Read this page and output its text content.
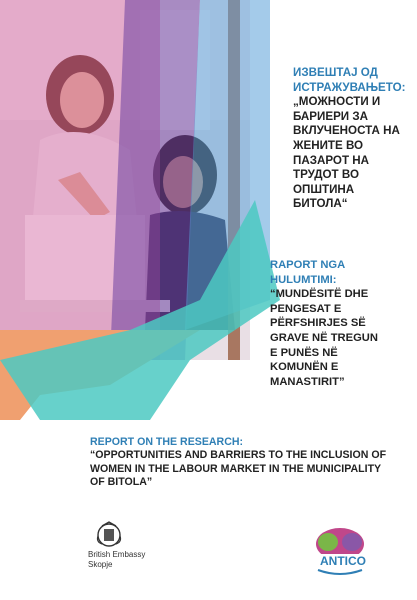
ИЗВЕШТАЈ ОД
ИСТРАЖУВАЊЕТО:
„МОЖНОСТИ И
БАРИЕРИ ЗА
ВКЛУЧЕНОСТА НА
ЖЕНИТЕ ВО
ПАЗАРОТ НА
ТРУДОТ ВО
ОПШТИНА
БИТОЛА“
RAPORT NGA
HULUMTIMI:
“MUNDËSITË DHE
PENGESAT E
PËRFSHIRJES SË
GRAVE NË TREGUN
E PUNËS NË
KOMUNËN E
MANASTIRIT”
REPORT ON THE RESEARCH:
“OPPORTUNITIES AND BARRIERS TO THE INCLUSION OF
WOMEN IN THE LABOUR MARKET IN THE MUNICIPALITY
OF BITOLA”
British Embassy
Skopje	ANTICO
